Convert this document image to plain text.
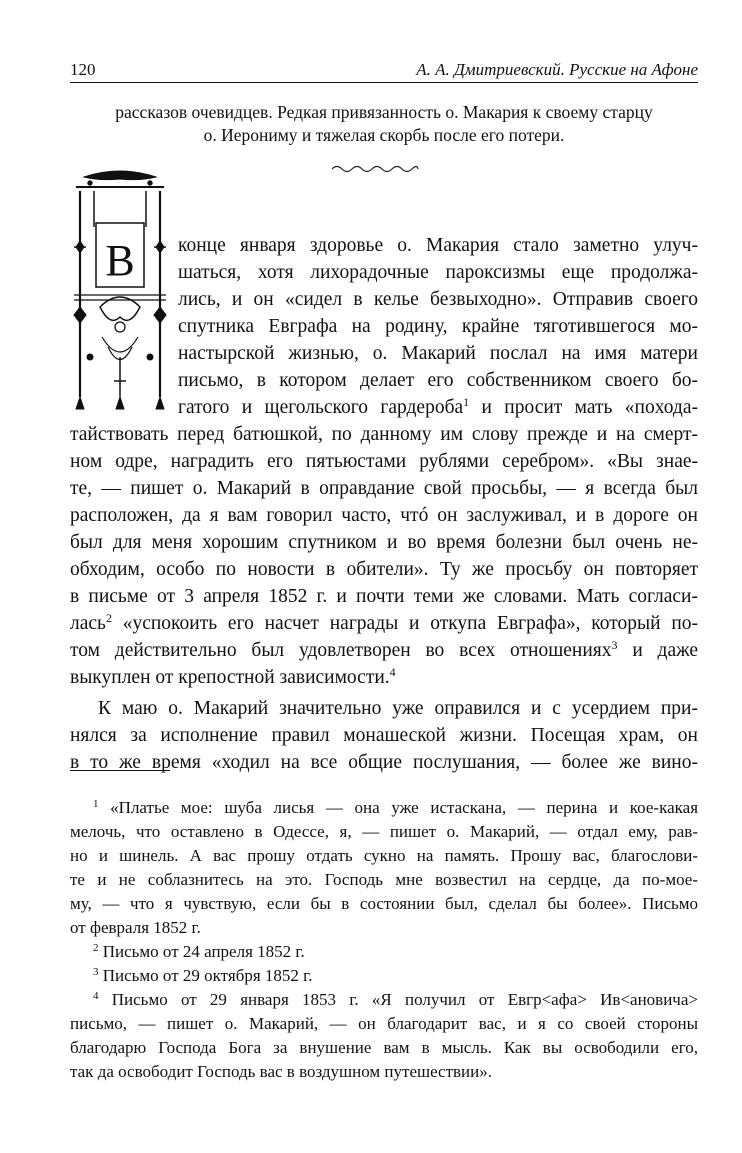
120	А. А. Дмитриевский. Русские на Афоне
рассказов очевидцев. Редкая привязанность о. Макария к своему старцу
о. Иерониму и тяжелая скорбь после его потери.
В конце января здоровье о. Макария стало заметно улуч-
шаться, хотя лихорадочные пароксизмы еще продолжа-
лись, и он «сидел в келье безвыходно». Отправив своего
спутника Евграфа на родину, крайне тяготившегося мо-
настырской жизнью, о. Макарий послал на имя матери
письмо, в котором делает его собственником своего бо-
гатого и щегольского гардероба$^1$ и просит мать «пoхода-
тайствовать перед батюшкой, по данному им слову прежде и на смерт-
ном одре, наградить его пятьюстами рублями серебром». «Вы знае-
те, — пишет о. Макарий в оправдание свой просьбы, — я всегда был
расположен, да я вам говорил часто, чтó он заслуживал, и в дороге он
был для меня хорошим спутником и во время болезни был очень не-
обходим, особо по новости в обители». Ту же просьбу он повторяет
в письме от 3 апреля 1852 г. и почти теми же словами. Мать согласи-
лась$^2$ «успокоить его насчет награды и откупа Евграфа», который по-
том действительно был удовлетворен во всех отношениях$^3$ и даже
выкуплен от крепостной зависимости.$^4$
К маю о. Макарий значительно уже оправился и с усердием при-
нялся за исполнение правил монашеской жизни. Посещая храм, он
в то же время «ходил на все общие послушания, — более же вино-
$^1$ «Платье мое: шуба лисья — она уже истаскана, — перина и кое-какая
мелочь, что оставлено в Одессе, я, — пишет о. Макарий, — отдал ему, рав-
но и шинель. А вас прошу отдать сукно на память. Прошу вас, благослови-
те и не соблазнитесь на это. Господь мне возвестил на сердце, да по-мое-
му, — что я чувствую, если бы в состоянии был, сделал бы более». Письмо
от февраля 1852 г.
$^2$ Письмо от 24 апреля 1852 г.
$^3$ Письмо от 29 октября 1852 г.
$^4$ Письмо от 29 января 1853 г. «Я получил от Евгр<афа> Ив<ановича>
письмо, — пишет о. Макарий, — он благодарит вас, и я со своей стороны
благодарю Господа Бога за внушение вам в мысль. Как вы освободили его,
так да освободит Господь вас в воздушном путешествии».
